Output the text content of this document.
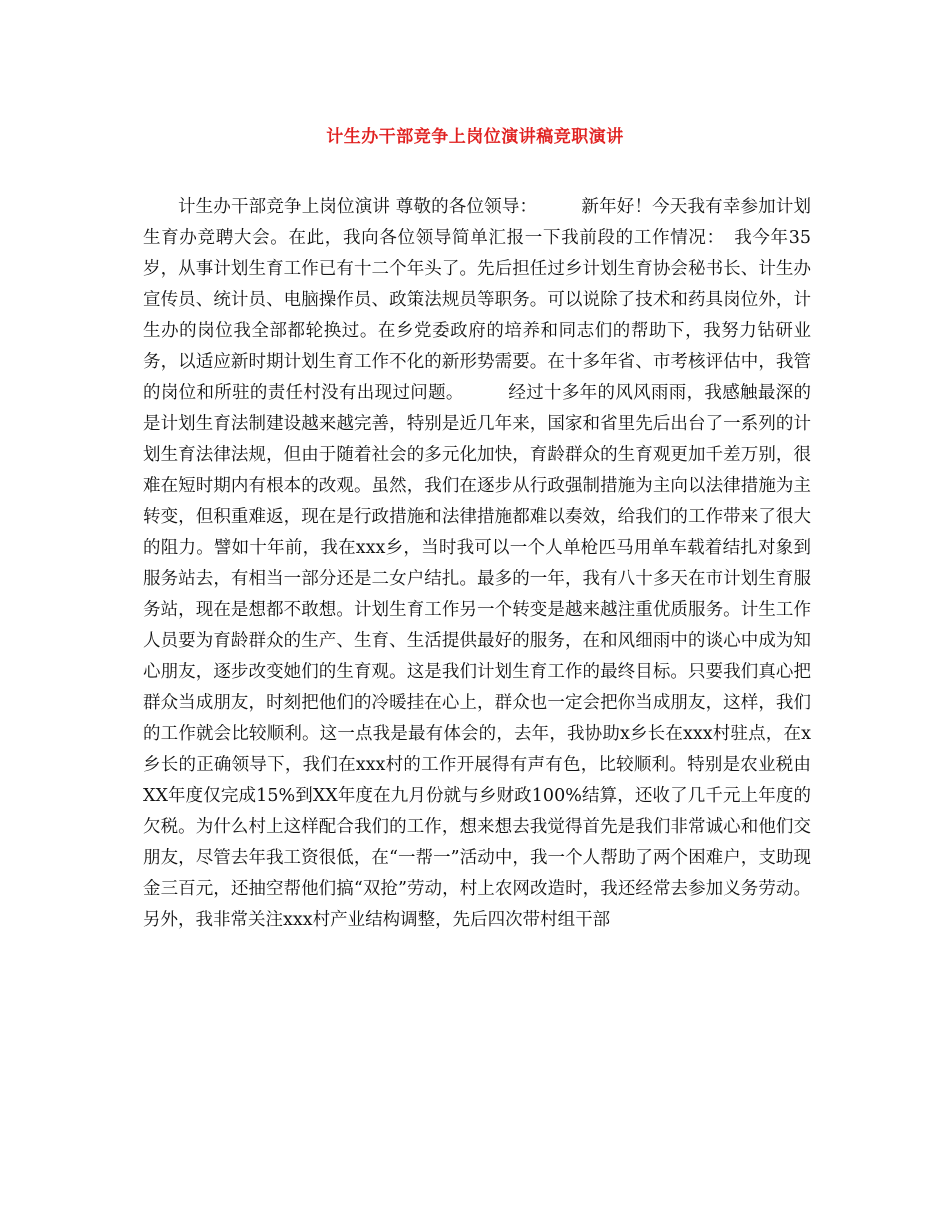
计生办干部竞争上岗位演讲稿竞职演讲

计生办干部竞争上岗位演讲 尊敬的各位领导：　　　新年好！今天我有幸参加计划生育办竞聘大会。在此，我向各位领导简单汇报一下我前段的工作情况：　我今年35岁，从事计划生育工作已有十二个年头了。先后担任过乡计划生育协会秘书长、计生办宣传员、统计员、电脑操作员、政策法规员等职务。可以说除了技术和药具岗位外，计生办的岗位我全部都轮换过。在乡党委政府的培养和同志们的帮助下，我努力钻研业务，以适应新时期计划生育工作不化的新形势需要。在十多年省、市考核评估中，我管的岗位和所驻的责任村没有出现过问题。　　　经过十多年的风风雨雨，我感触最深的是计划生育法制建设越来越完善，特别是近几年来，国家和省里先后出台了一系列的计划生育法律法规，但由于随着社会的多元化加快，育龄群众的生育观更加千差万别，很难在短时期内有根本的改观。虽然，我们在逐步从行政强制措施为主向以法律措施为主转变，但积重难返，现在是行政措施和法律措施都难以奏效，给我们的工作带来了很大的阻力。譬如十年前，我在xxx乡，当时我可以一个人单枪匹马用单车载着结扎对象到服务站去，有相当一部分还是二女户结扎。最多的一年，我有八十多天在市计划生育服务站，现在是想都不敢想。计划生育工作另一个转变是越来越注重优质服务。计生工作人员要为育龄群众的生产、生育、生活提供最好的服务，在和风细雨中的谈心中成为知心朋友，逐步改变她们的生育观。这是我们计划生育工作的最终目标。只要我们真心把群众当成朋友，时刻把他们的冷暖挂在心上，群众也一定会把你当成朋友，这样，我们的工作就会比较顺利。这一点我是最有体会的，去年，我协助x乡长在xxx村驻点，在x乡长的正确领导下，我们在xxx村的工作开展得有声有色，比较顺利。特别是农业税由XX年度仅完成15%到XX年度在九月份就与乡财政100%结算，还收了几千元上年度的欠税。为什么村上这样配合我们的工作，想来想去我觉得首先是我们非常诚心和他们交朋友，尽管去年我工资很低，在“一帮一”活动中，我一个人帮助了两个困难户，支助现金三百元，还抽空帮他们搞“双抢”劳动，村上农网改造时，我还经常去参加义务劳动。另外，我非常关注xxx村产业结构调整，先后四次带村组干部
